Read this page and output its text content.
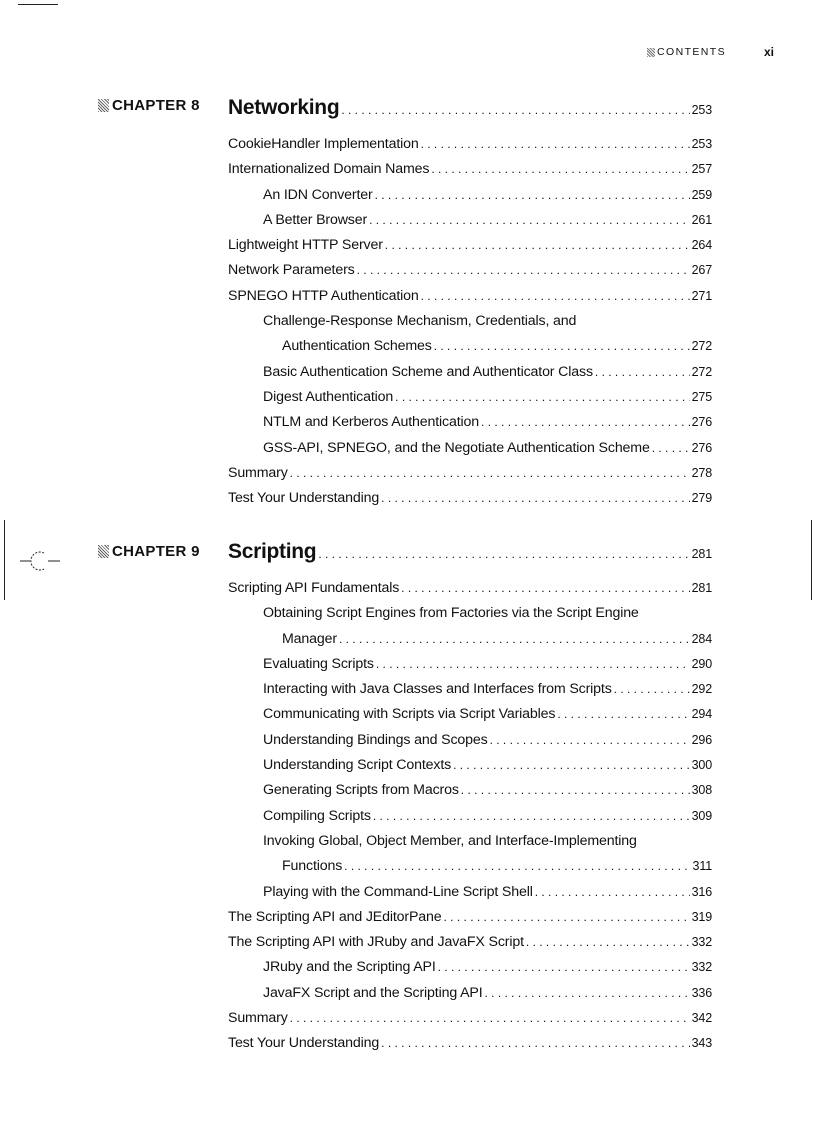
CONTENTS	xi
CHAPTER 8 Networking . . .	253
CookieHandler Implementation . . .	253
Internationalized Domain Names . . .	257
An IDN Converter . . .	259
A Better Browser . . .	261
Lightweight HTTP Server . . .	264
Network Parameters . . .	267
SPNEGO HTTP Authentication . . .	271
Challenge-Response Mechanism, Credentials, and
Authentication Schemes . . .	272
Basic Authentication Scheme and Authenticator Class . . .	272
Digest Authentication . . .	275
NTLM and Kerberos Authentication . . .	276
GSS-API, SPNEGO, and the Negotiate Authentication Scheme . . .	276
Summary . . .	278
Test Your Understanding . . .	279
CHAPTER 9 Scripting . . .	281
Scripting API Fundamentals . . .	281
Obtaining Script Engines from Factories via the Script Engine
Manager . . .	284
Evaluating Scripts . . .	290
Interacting with Java Classes and Interfaces from Scripts . . .	292
Communicating with Scripts via Script Variables . . .	294
Understanding Bindings and Scopes . . .	296
Understanding Script Contexts . . .	300
Generating Scripts from Macros . . .	308
Compiling Scripts . . .	309
Invoking Global, Object Member, and Interface-Implementing
Functions . . .	311
Playing with the Command-Line Script Shell . . .	316
The Scripting API and JEditorPane . . .	319
The Scripting API with JRuby and JavaFX Script . . .	332
JRuby and the Scripting API . . .	332
JavaFX Script and the Scripting API . . .	336
Summary . . .	342
Test Your Understanding . . .	343
